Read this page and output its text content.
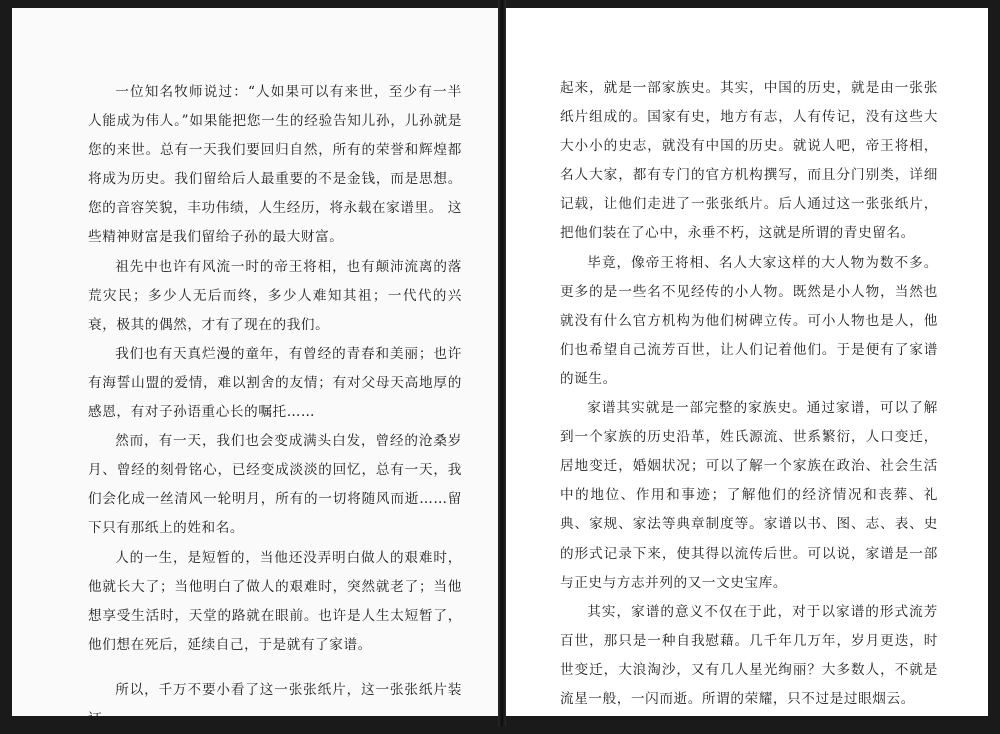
一位知名牧师说过：“人如果可以有来世，至少有一半人能成为伟人。”如果能把您一生的经验告知儿孙，儿孙就是您的来世。总有一天我们要回归自然，所有的荣誉和辉煌都将成为历史。我们留给后人最重要的不是金钱，而是思想。您的音容笑貌，丰功伟绩，人生经历，将永载在家谱里。 这些精神财富是我们留给子孙的最大财富。

祖先中也许有风流一时的帝王将相，也有颠沛流离的落荒灾民；多少人无后而终，多少人难知其祖；一代代的兴衰，极其的偶然，才有了现在的我们。

我们也有天真烂漫的童年，有曾经的青春和美丽；也许有海誓山盟的爱情，难以割舍的友情；有对父母天高地厚的感恩，有对子孙语重心长的嘱托……

然而，有一天，我们也会变成满头白发，曾经的沧桑岁月、曾经的刻骨铭心，已经变成淡淡的回忆，总有一天，我们会化成一丝清风一轮明月，所有的一切将随风而逝……留下只有那纸上的姓和名。

人的一生，是短暂的，当他还没弄明白做人的艰难时，他就长大了；当他明白了做人的艰难时，突然就老了；当他想享受生活时，天堂的路就在眼前。也许是人生太短暂了，他们想在死后，延续自己，于是就有了家谱。

所以，千万不要小看了这一张张纸片，这一张张纸片装订

起来，就是一部家族史。其实，中国的历史，就是由一张张纸片组成的。国家有史，地方有志，人有传记，没有这些大大小小的史志，就没有中国的历史。就说人吧，帝王将相，名人大家，都有专门的官方机构撰写，而且分门别类，详细记载，让他们走进了一张张纸片。后人通过这一张张纸片，把他们装在了心中，永垂不朽，这就是所谓的青史留名。

毕竟，像帝王将相、名人大家这样的大人物为数不多。更多的是一些名不见经传的小人物。既然是小人物，当然也就没有什么官方机构为他们树碑立传。可小人物也是人，他们也希望自己流芳百世，让人们记着他们。于是便有了家谱的诞生。

家谱其实就是一部完整的家族史。通过家谱，可以了解到一个家族的历史沿革，姓氏源流、世系繁衍，人口变迁，居地变迁，婚姻状况；可以了解一个家族在政治、社会生活中的地位、作用和事迹；了解他们的经济情况和丧葬、礼典、家规、家法等典章制度等。家谱以书、图、志、表、史的形式记录下来，使其得以流传后世。可以说，家谱是一部与正史与方志并列的又一文史宝库。

其实，家谱的意义不仅在于此，对于以家谱的形式流芳百世，那只是一种自我慰藉。几千年几万年，岁月更迭，时世变迁，大浪淘沙，又有几人星光绚丽？大多数人，不就是流星一般，一闪而逝。所谓的荣耀，只不过是过眼烟云。
